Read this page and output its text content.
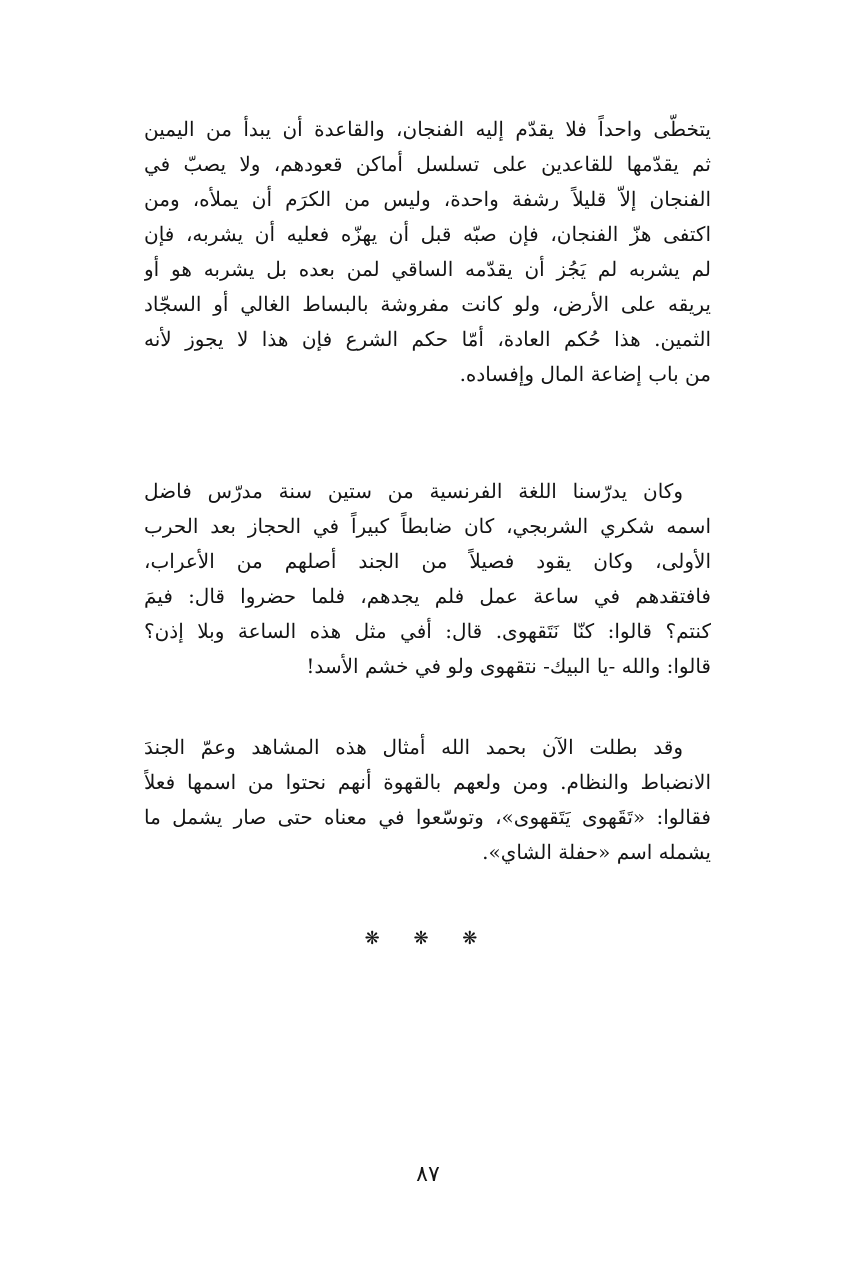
يتخطّى واحداً فلا يقدّم إليه الفنجان، والقاعدة أن يبدأ من اليمين
ثم يقدّمها للقاعدين على تسلسل أماكن قعودهم، ولا يصبّ في
الفنجان إلاّ قليلاً رشفة واحدة، وليس من الكرَم أن يملأه، ومن
اكتفى هزّ الفنجان، فإن صبّه قبل أن يهزّه فعليه أن يشربه، فإن
لم يشربه لم يَجُز أن يقدّمه الساقي لمن بعده بل يشربه هو أو
يريقه على الأرض، ولو كانت مفروشة بالبساط الغالي أو السجّاد
الثمين. هذا حُكم العادة، أمّا حكم الشرع فإن هذا لا يجوز لأنه
من باب إضاعة المال وإفساده.
وكان يدرّسنا اللغة الفرنسية من ستين سنة مدرّس فاضل
اسمه شكري الشربجي، كان ضابطاً كبيراً في الحجاز بعد الحرب
الأولى، وكان يقود فصيلاً من الجند أصلهم من الأعراب،
فافتقدهم في ساعة عمل فلم يجدهم، فلما حضروا قال: فيمَ
كنتم؟ قالوا: كنّا نَتَقهوى. قال: أفي مثل هذه الساعة وبلا إذن؟
قالوا: والله -يا البيك- نتقهوى ولو في خشم الأسد!
وقد بطلت الآن بحمد الله أمثال هذه المشاهد وعمّ الجندَ
الانضباط والنظام. ومن ولعهم بالقهوة أنهم نحتوا من اسمها فعلاً
فقالوا: «تَقَهوى يَتَقهوى»، وتوسّعوا في معناه حتى صار يشمل ما
يشمله اسم «حفلة الشاي».
❋ ❋ ❋
٨٧
